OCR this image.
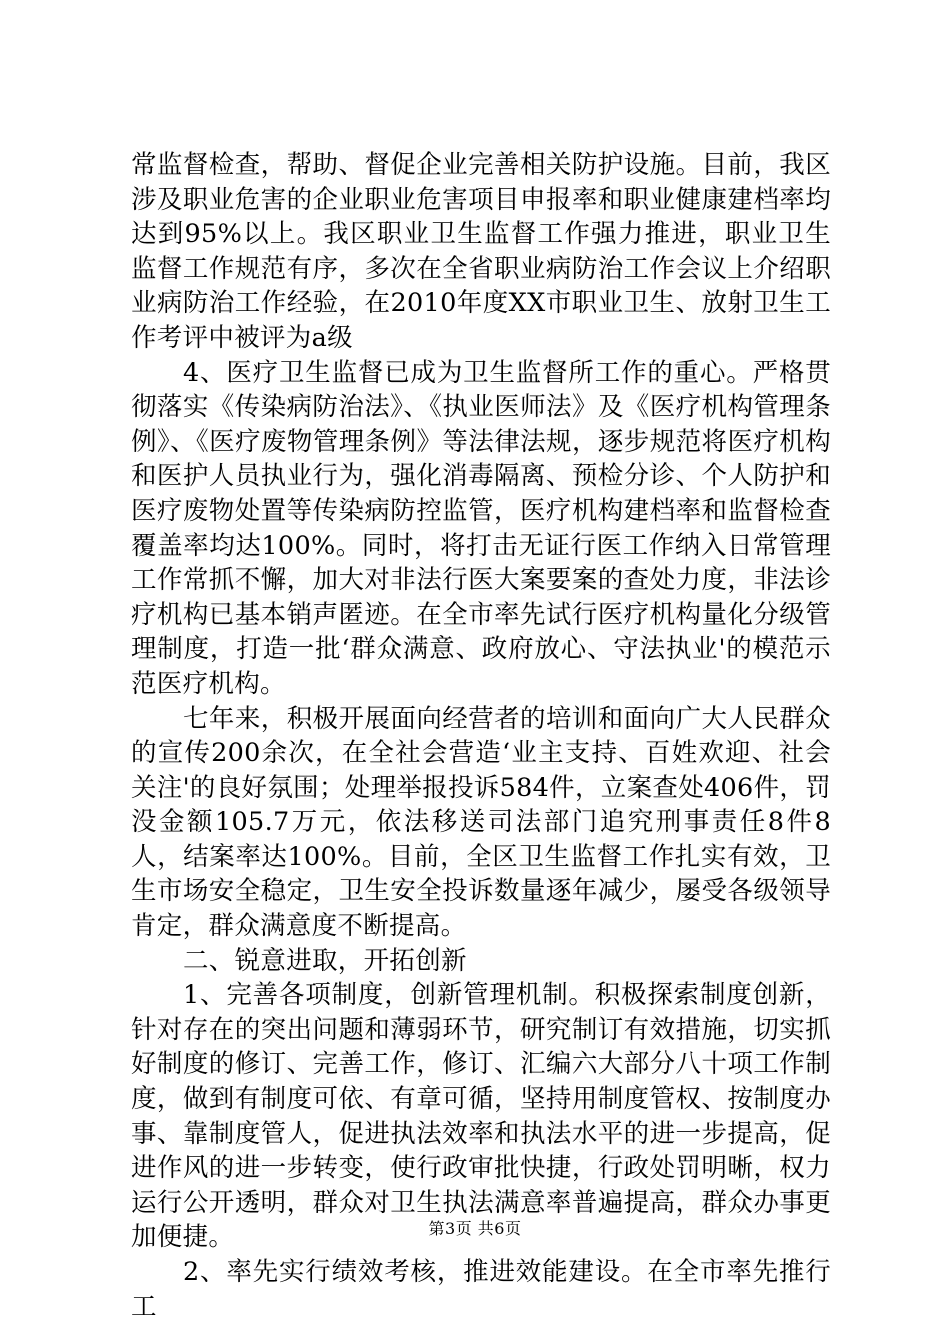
常监督检查，帮助、督促企业完善相关防护设施。目前，我区涉及职业危害的企业职业危害项目申报率和职业健康建档率均达到95%以上。我区职业卫生监督工作强力推进，职业卫生监督工作规范有序，多次在全省职业病防治工作会议上介绍职业病防治工作经验，在2010年度XX市职业卫生、放射卫生工作考评中被评为a级

4、医疗卫生监督已成为卫生监督所工作的重心。严格贯彻落实《传染病防治法》、《执业医师法》及《医疗机构管理条例》、《医疗废物管理条例》等法律法规，逐步规范将医疗机构和医护人员执业行为，强化消毒隔离、预检分诊、个人防护和医疗废物处置等传染病防控监管，医疗机构建档率和监督检查覆盖率均达100%。同时，将打击无证行医工作纳入日常管理工作常抓不懈，加大对非法行医大案要案的查处力度，非法诊疗机构已基本销声匿迹。在全市率先试行医疗机构量化分级管理制度，打造一批‘群众满意、政府放心、守法执业'的模范示范医疗机构。

七年来，积极开展面向经营者的培训和面向广大人民群众的宣传200余次，在全社会营造‘业主支持、百姓欢迎、社会关注'的良好氛围；处理举报投诉584件，立案查处406件，罚没金额105.7万元，依法移送司法部门追究刑事责任8件8人，结案率达100%。目前，全区卫生监督工作扎实有效，卫生市场安全稳定，卫生安全投诉数量逐年减少，屡受各级领导肯定，群众满意度不断提高。

二、锐意进取，开拓创新

1、完善各项制度，创新管理机制。积极探索制度创新，针对存在的突出问题和薄弱环节，研究制订有效措施，切实抓好制度的修订、完善工作，修订、汇编六大部分八十项工作制度，做到有制度可依、有章可循，坚持用制度管权、按制度办事、靠制度管人，促进执法效率和执法水平的进一步提高，促进作风的进一步转变，使行政审批快捷，行政处罚明晰，权力运行公开透明，群众对卫生执法满意率普遍提高，群众办事更加便捷。

2、率先实行绩效考核，推进效能建设。在全市率先推行工

第3页 共6页
